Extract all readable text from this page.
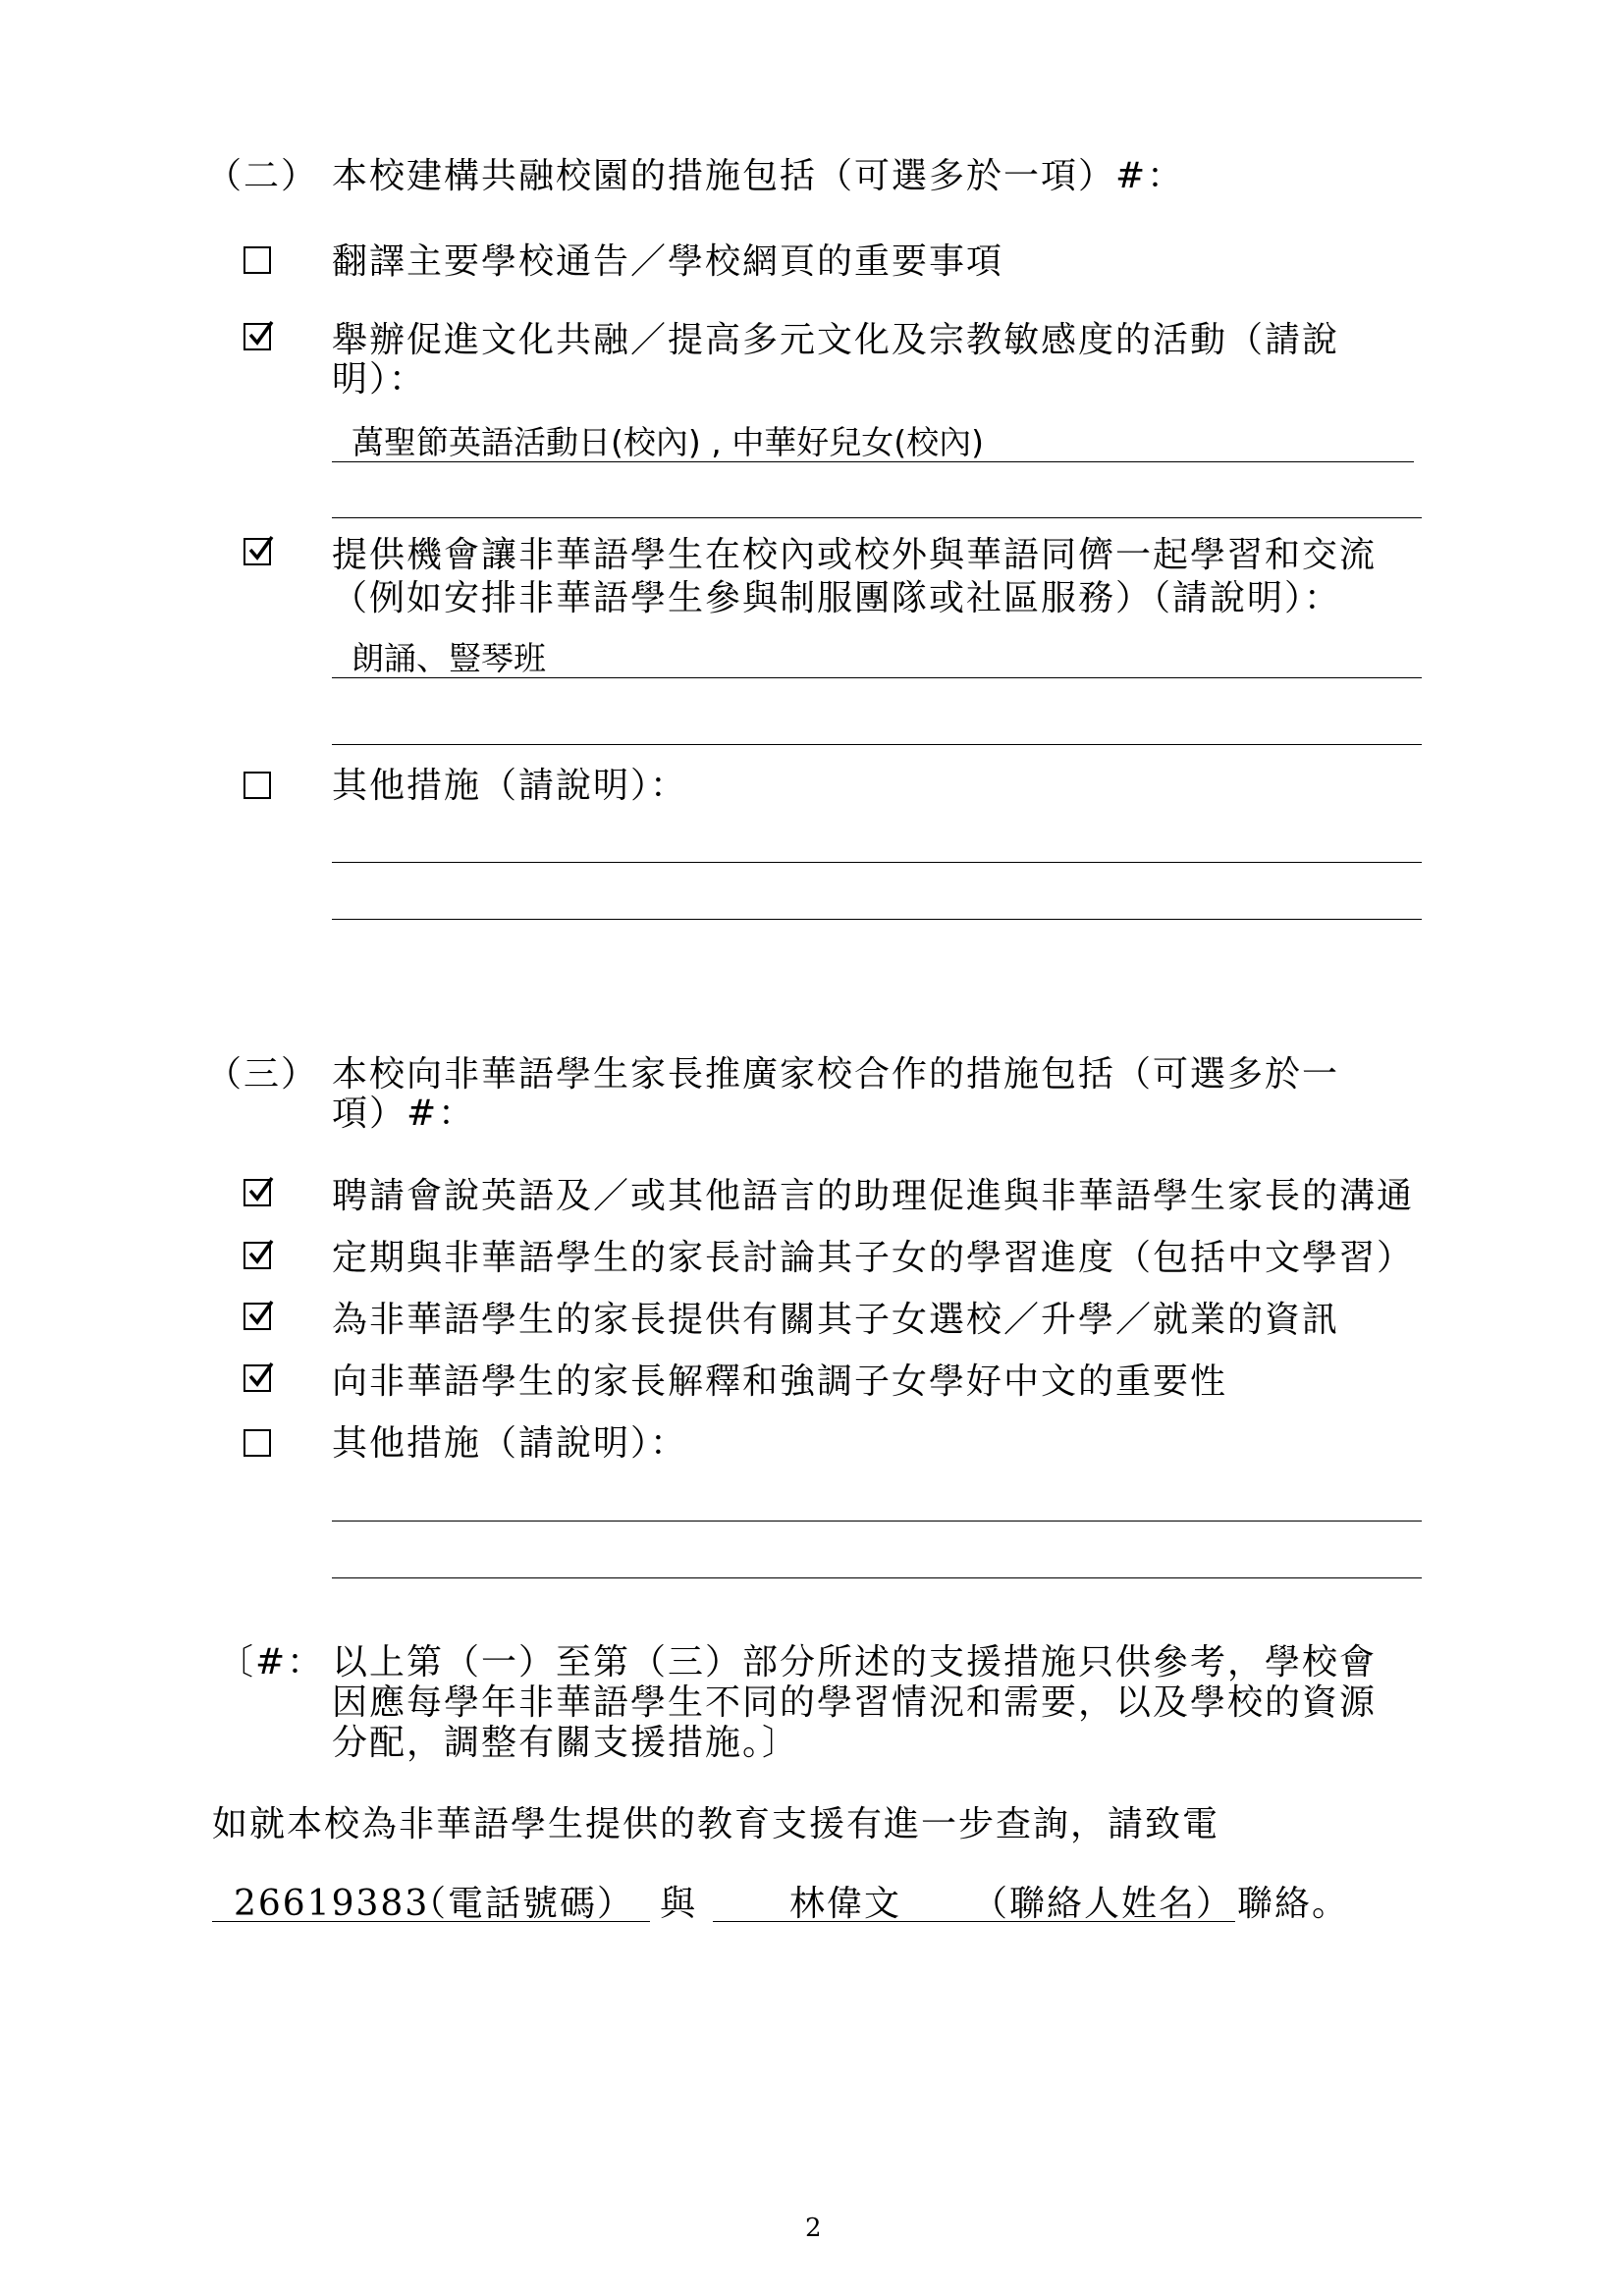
（二） 本校建構共融校園的措施包括（可選多於一項）#：
翻譯主要學校通告／學校網頁的重要事項
舉辦促進文化共融／提高多元文化及宗教敏感度的活動（請說
明）：
萬聖節英語活動日(校內) , 中華好兒女(校內)
提供機會讓非華語學生在校內或校外與華語同儕一起學習和交流
（例如安排非華語學生參與制服團隊或社區服務）（請說明）：
朗誦、豎琴班
其他措施（請說明）：
（三） 本校向非華語學生家長推廣家校合作的措施包括（可選多於一
項）#：
聘請會說英語及／或其他語言的助理促進與非華語學生家長的溝通
定期與非華語學生的家長討論其子女的學習進度（包括中文學習）
為非華語學生的家長提供有關其子女選校／升學／就業的資訊
向非華語學生的家長解釋和強調子女學好中文的重要性
其他措施（請說明）：
〔#： 以上第（一）至第（三）部分所述的支援措施只供參考，學校會
因應每學年非華語學生不同的學習情況和需要，以及學校的資源
分配，調整有關支援措施。〕
如就本校為非華語學生提供的教育支援有進一步查詢，請致電
26619383
（電話號碼） 與	林偉文 （聯絡人姓名） 聯絡。
2
